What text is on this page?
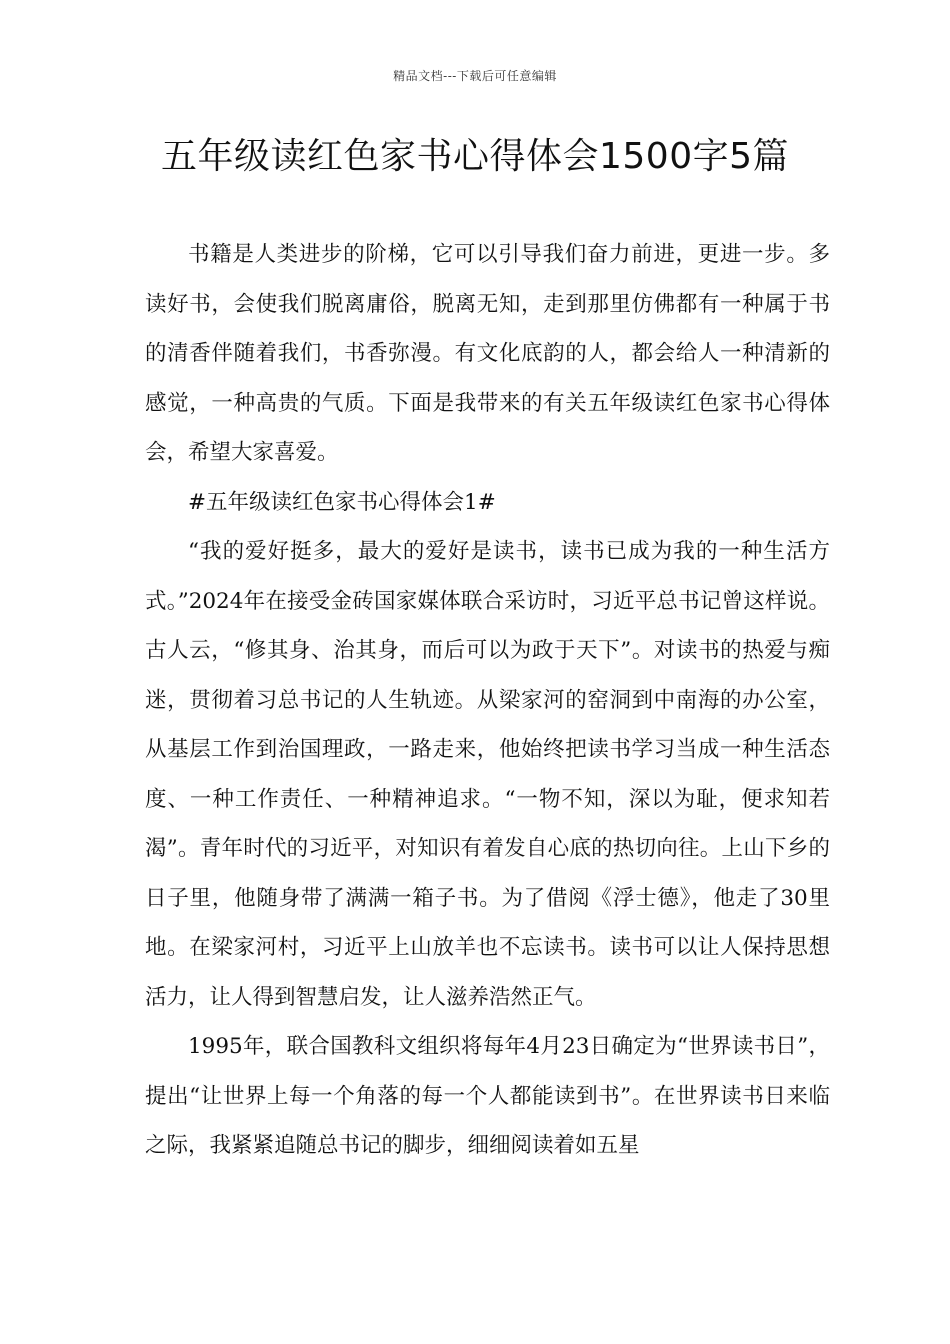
精品文档---下载后可任意编辑
五年级读红色家书心得体会1500字5篇

书籍是人类进步的阶梯，它可以引导我们奋力前进，更进一步。多读好书，会使我们脱离庸俗，脱离无知，走到那里仿佛都有一种属于书的清香伴随着我们，书香弥漫。有文化底韵的人，都会给人一种清新的感觉，一种高贵的气质。下面是我带来的有关五年级读红色家书心得体会，希望大家喜爱。

#五年级读红色家书心得体会1#

“我的爱好挺多，最大的爱好是读书，读书已成为我的一种生活方式。”2024年在接受金砖国家媒体联合采访时，习近平总书记曾这样说。古人云，“修其身、治其身，而后可以为政于天下”。对读书的热爱与痴迷，贯彻着习总书记的人生轨迹。从梁家河的窑洞到中南海的办公室，从基层工作到治国理政，一路走来，他始终把读书学习当成一种生活态度、一种工作责任、一种精神追求。“一物不知，深以为耻，便求知若渴”。青年时代的习近平，对知识有着发自心底的热切向往。上山下乡的日子里，他随身带了满满一箱子书。为了借阅《浮士德》，他走了30里地。在梁家河村，习近平上山放羊也不忘读书。读书可以让人保持思想活力，让人得到智慧启发，让人滋养浩然正气。

1995年，联合国教科文组织将每年4月23日确定为“世界读书日”，提出“让世界上每一个角落的每一个人都能读到书”。在世界读书日来临之际，我紧紧追随总书记的脚步，细细阅读着如五星
